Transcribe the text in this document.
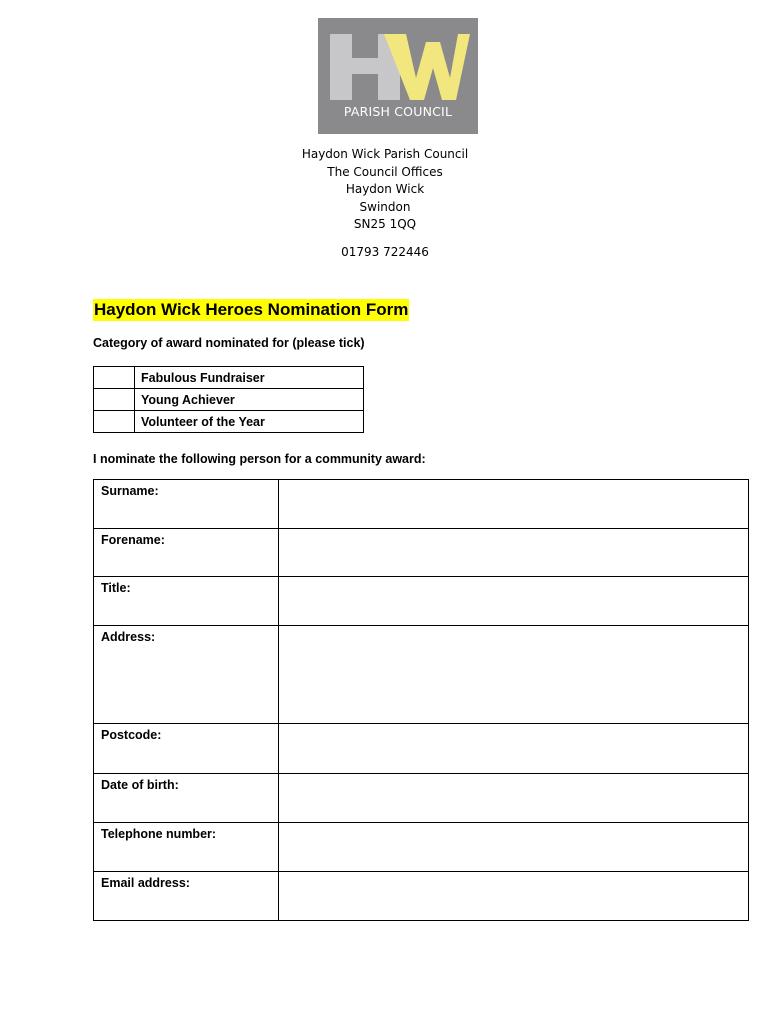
PARISH COUNCIL
Haydon Wick Parish Council
The Council Offices
Haydon Wick
Swindon
SN25 1QQ
01793 722446
Haydon Wick Heroes Nomination Form
Category of award nominated for (please tick)
	Fabulous Fundraiser
	Young Achiever
	Volunteer of the Year
I nominate the following person for a community award:
Surname:	
Forename:	
Title:	
Address:	
Postcode:	
Date of birth:	
Telephone number:	
Email address:	
